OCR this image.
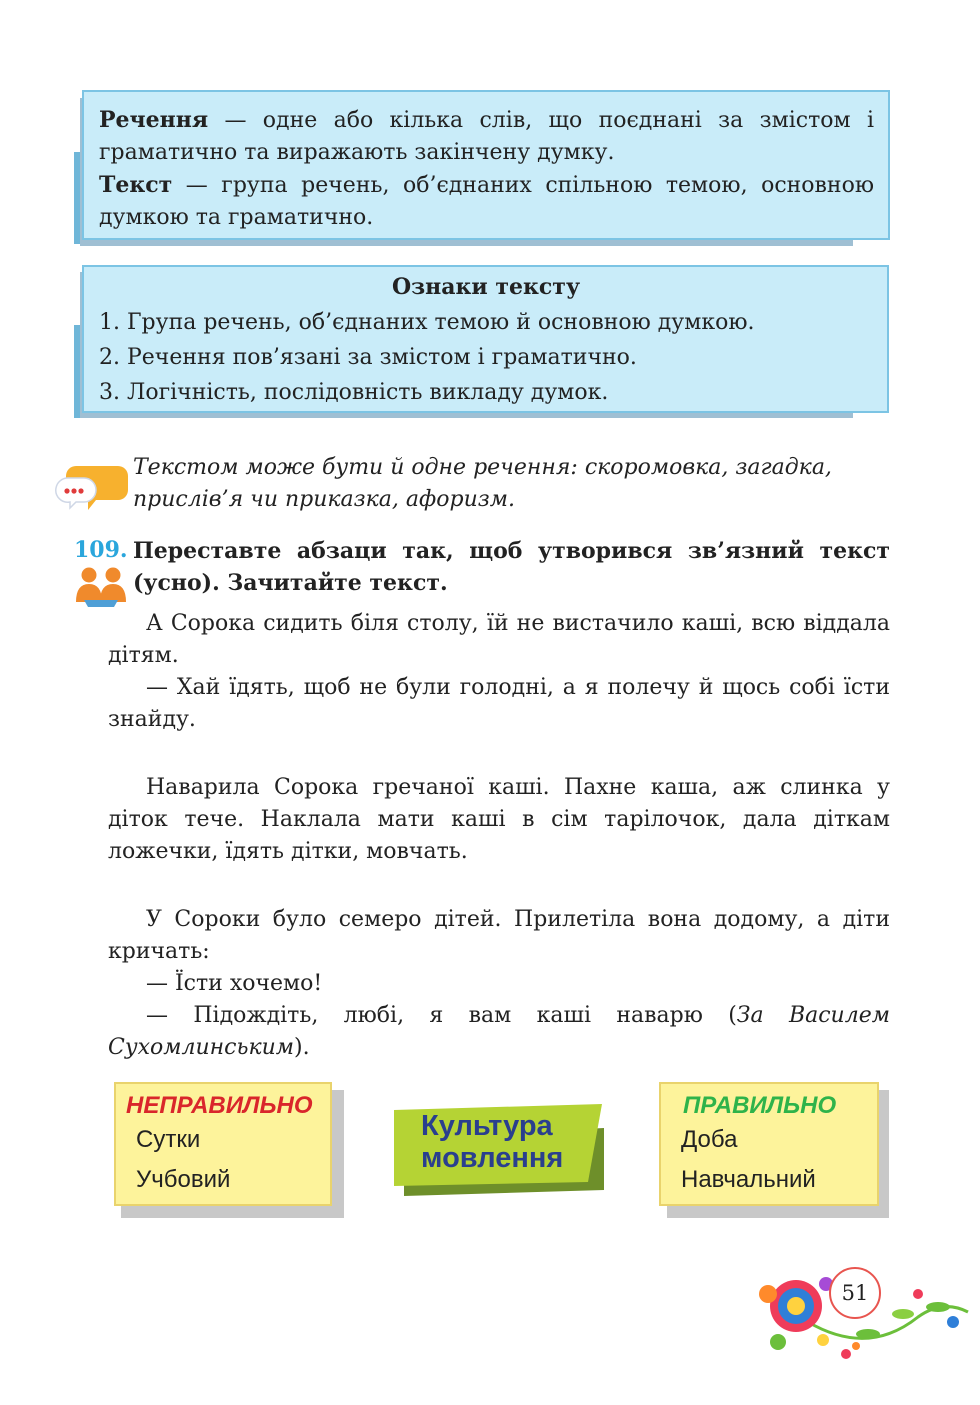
Речення — одне або кілька слів, що поєднані за змістом і граматично та виражають закінчену думку.

Текст — група речень, об’єднаних спільною темою, основною думкою та граматично.

Ознаки тексту

1. Група речень, об’єднаних темою й основною думкою.

2. Речення пов’язані за змістом і граматично.

3. Логічність, послідовність викладу думок.

Текстом може бути й одне речення: скоромовка, загадка, прислів’я чи приказка, афоризм.

109. Переставте абзаци так, щоб утворився зв’язний текст (усно). Зачитайте текст.

А Сорока сидить біля столу, їй не вистачило каші, всю віддала дітям.

— Хай їдять, щоб не були голодні, а я полечу й щось собі їсти знайду.

Наварила Сорока гречаної каші. Пахне каша, аж слинка у діток тече. Наклала мати каші в сім тарілочок, дала діткам ложечки, їдять дітки, мовчать.

У Сороки було семеро дітей. Прилетіла вона додому, а діти кричать:

— Їсти хочемо!

— Підождіть, любі, я вам каші наварю (За Василем Сухомлинським).

НЕПРАВИЛЬНО
Сутки
Учбовий
Культура
мовлення
ПРАВИЛЬНО
Доба
Навчальний
51
